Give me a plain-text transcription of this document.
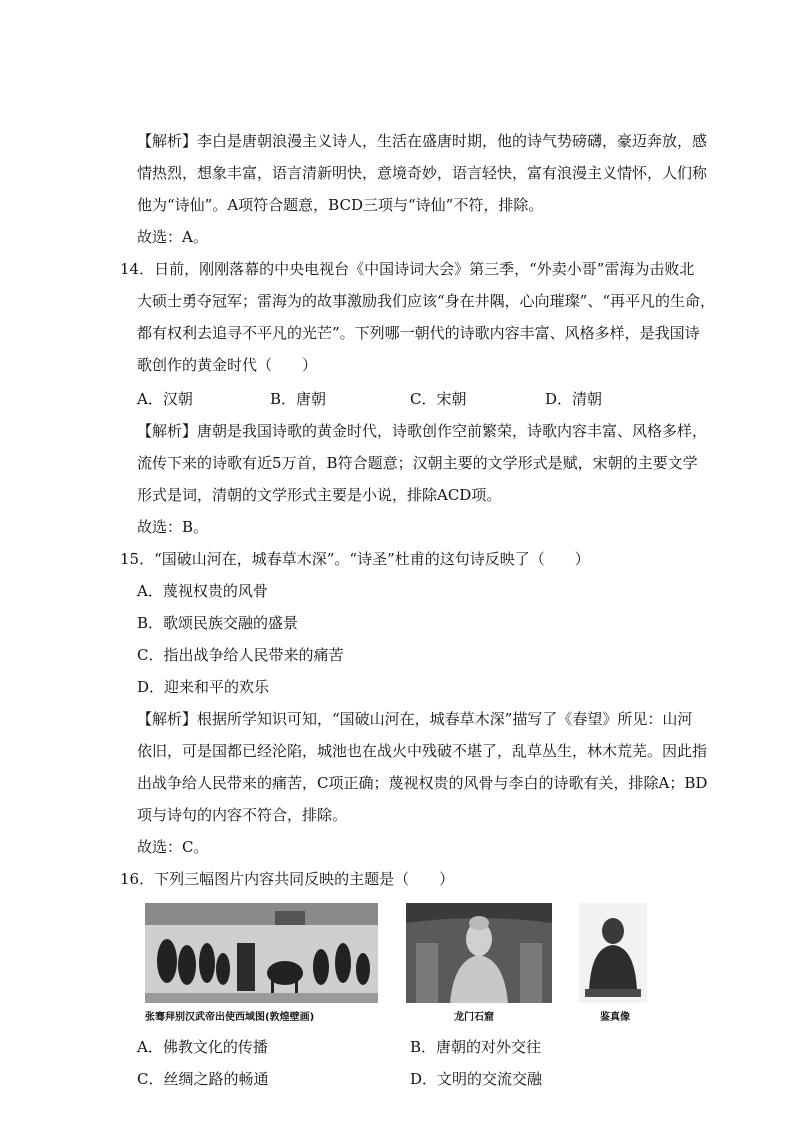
【解析】李白是唐朝浪漫主义诗人，生活在盛唐时期，他的诗气势磅礴，豪迈奔放，感
情热烈，想象丰富，语言清新明快，意境奇妙，语言轻快，富有浪漫主义情怀，人们称
他为“诗仙”。A项符合题意，BCD三项与“诗仙”不符，排除。
故选：A。
14．日前，刚刚落幕的中央电视台《中国诗词大会》第三季，“外卖小哥”雷海为击败北
大硕士勇夺冠军；雷海为的故事激励我们应该“身在井隅，心向璀璨”、“再平凡的生命，
都有权利去追寻不平凡的光芒”。下列哪一朝代的诗歌内容丰富、风格多样，是我国诗
歌创作的黄金时代（　　）
A．汉朝	B．唐朝	C．宋朝	D．清朝
【解析】唐朝是我国诗歌的黄金时代，诗歌创作空前繁荣，诗歌内容丰富、风格多样，
流传下来的诗歌有近5万首，B符合题意；汉朝主要的文学形式是赋，宋朝的主要文学
形式是词，清朝的文学形式主要是小说，排除ACD项。
故选：B。
15．“国破山河在，城春草木深”。“诗圣”杜甫的这句诗反映了（　　）
A．蔑视权贵的风骨
B．歌颂民族交融的盛景
C．指出战争给人民带来的痛苦
D．迎来和平的欢乐
【解析】根据所学知识可知，“国破山河在，城春草木深”描写了《春望》所见：山河
依旧，可是国都已经沦陷，城池也在战火中残破不堪了，乱草丛生，林木荒芜。因此指
出战争给人民带来的痛苦，C项正确；蔑视权贵的风骨与李白的诗歌有关，排除A；BD
项与诗句的内容不符合，排除。
故选：C。
16．下列三幅图片内容共同反映的主题是（　　）
张骞拜别汉武帝出使西域图(敦煌壁画)	龙门石窟	鉴真像
A．佛教文化的传播	B．唐朝的对外交往
C．丝绸之路的畅通	D．文明的交流交融
